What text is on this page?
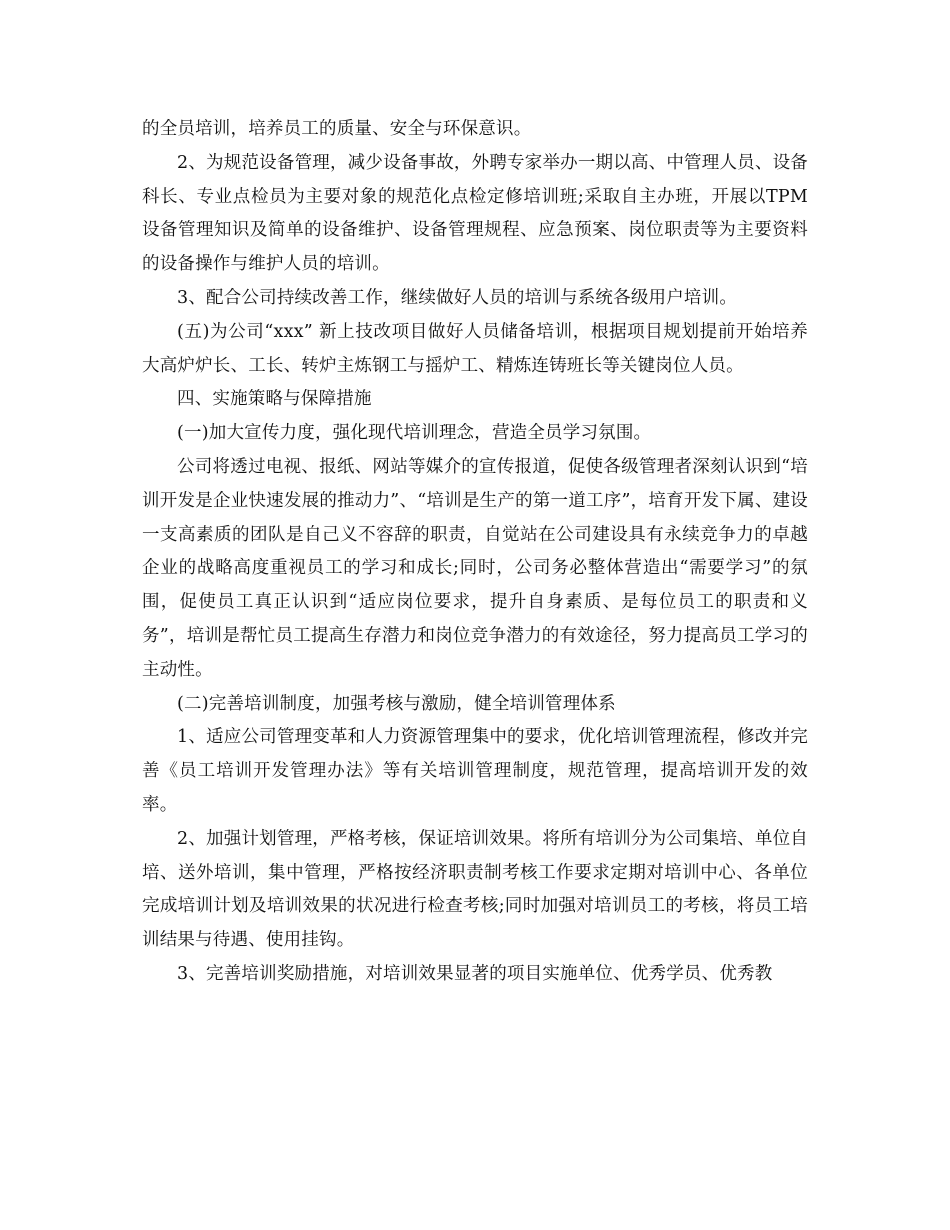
的全员培训，培养员工的质量、安全与环保意识。

2、为规范设备管理，减少设备事故，外聘专家举办一期以高、中管理人员、设备科长、专业点检员为主要对象的规范化点检定修培训班;采取自主办班，开展以TPM设备管理知识及简单的设备维护、设备管理规程、应急预案、岗位职责等为主要资料的设备操作与维护人员的培训。

3、配合公司持续改善工作，继续做好人员的培训与系统各级用户培训。

(五)为公司“xxx” 新上技改项目做好人员储备培训，根据项目规划提前开始培养大高炉炉长、工长、转炉主炼钢工与摇炉工、精炼连铸班长等关键岗位人员。

四、实施策略与保障措施

(一)加大宣传力度，强化现代培训理念，营造全员学习氛围。

公司将透过电视、报纸、网站等媒介的宣传报道，促使各级管理者深刻认识到“培训开发是企业快速发展的推动力”、“培训是生产的第一道工序”，培育开发下属、建设一支高素质的团队是自己义不容辞的职责，自觉站在公司建设具有永续竞争力的卓越企业的战略高度重视员工的学习和成长;同时，公司务必整体营造出“需要学习”的氛围，促使员工真正认识到“适应岗位要求，提升自身素质、是每位员工的职责和义务”，培训是帮忙员工提高生存潜力和岗位竞争潜力的有效途径，努力提高员工学习的主动性。

(二)完善培训制度，加强考核与激励，健全培训管理体系

1、适应公司管理变革和人力资源管理集中的要求，优化培训管理流程，修改并完善《员工培训开发管理办法》等有关培训管理制度，规范管理，提高培训开发的效率。

2、加强计划管理，严格考核，保证培训效果。将所有培训分为公司集培、单位自培、送外培训，集中管理，严格按经济职责制考核工作要求定期对培训中心、各单位完成培训计划及培训效果的状况进行检查考核;同时加强对培训员工的考核，将员工培训结果与待遇、使用挂钩。

3、完善培训奖励措施，对培训效果显著的项目实施单位、优秀学员、优秀教
